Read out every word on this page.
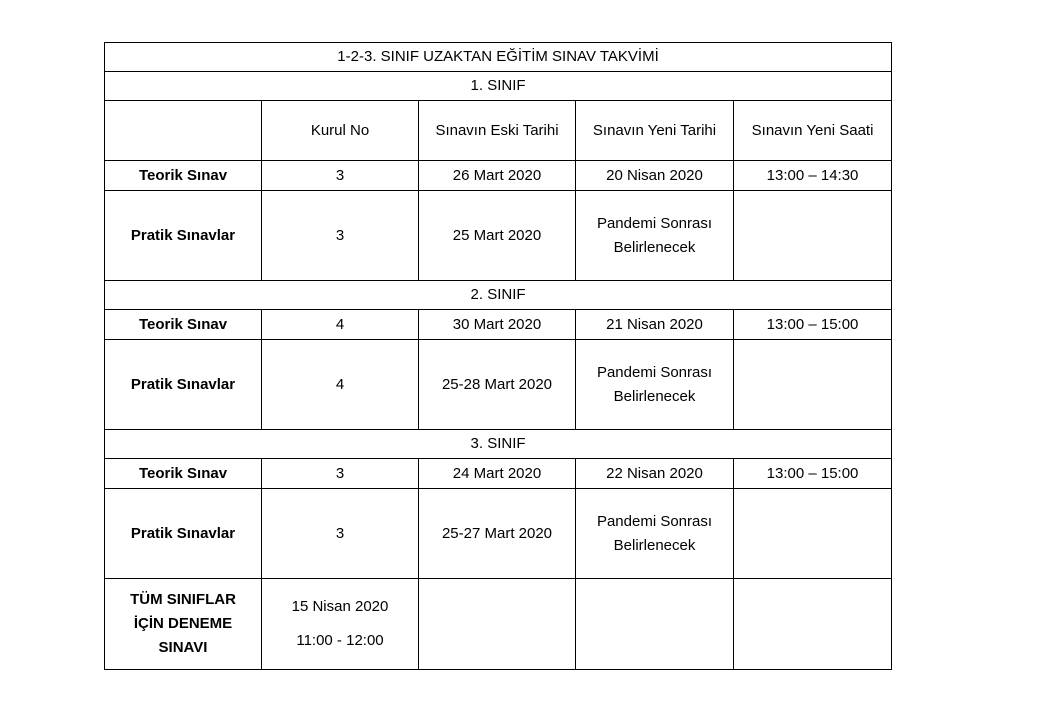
1-2-3. SINIF UZAKTAN EĞİTİM SINAV TAKVİMİ				
1. SINIF				
	Kurul No	Sınavın Eski Tarihi	Sınavın Yeni Tarihi	Sınavın Yeni Saati
Teorik Sınav	3	26 Mart 2020	20 Nisan 2020	13:00 – 14:30
Pratik Sınavlar	3	25 Mart 2020	Pandemi Sonrası
Belirlenecek	

2. SINIF				
Teorik Sınav	4	30 Mart 2020	21 Nisan 2020	13:00 – 15:00
Pratik Sınavlar	4	25-28 Mart 2020	Pandemi Sonrası
Belirlenecek	

3. SINIF				
Teorik Sınav	3	24 Mart 2020	22 Nisan 2020	13:00 – 15:00
Pratik Sınavlar	3	25-27 Mart 2020	Pandemi Sonrası
Belirlenecek	

TÜM SINIFLAR
İÇİN DENEME
SINAVI	15 Nisan 2020
11:00 - 12:00			
